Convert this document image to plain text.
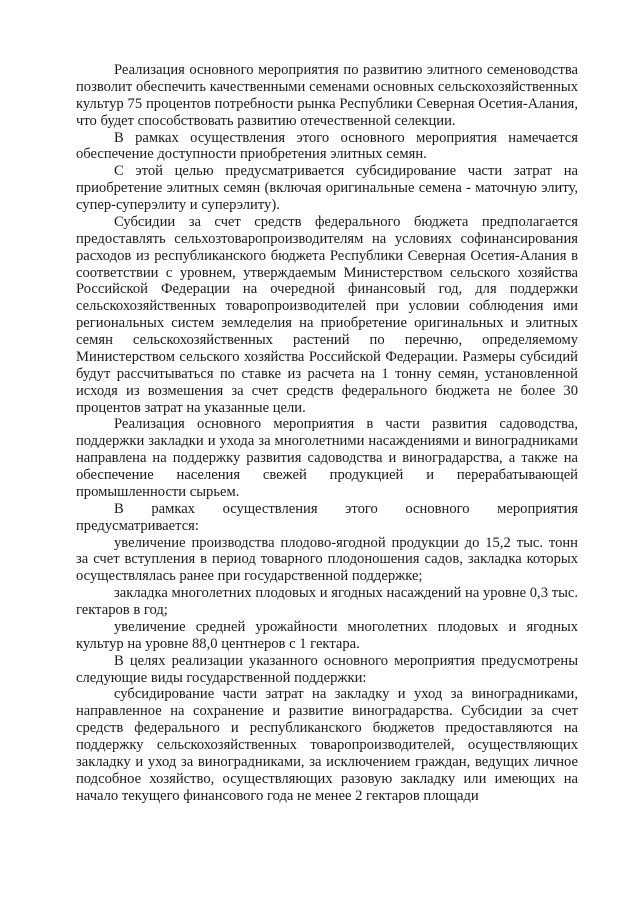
Реализация основного мероприятия по развитию элитного семеноводства позволит обеспечить качественными семенами основных сельскохозяйственных культур 75 процентов потребности рынка Республики Северная Осетия-Алания, что будет способствовать развитию отечественной селекции.

В рамках осуществления этого основного мероприятия намечается обеспечение доступности приобретения элитных семян.

С этой целью предусматривается субсидирование части затрат на приобретение элитных семян (включая оригинальные семена - маточную элиту, супер-суперэлиту и суперэлиту).

Субсидии за счет средств федерального бюджета предполагается предоставлять сельхозтоваропроизводителям на условиях софинансирования расходов из республиканского бюджета Республики Северная Осетия-Алания в соответствии с уровнем, утверждаемым Министерством сельского хозяйства Российской Федерации на очередной финансовый год, для поддержки сельскохозяйственных товаропроизводителей при условии соблюдения ими региональных систем земледелия на приобретение оригинальных и элитных семян сельскохозяйственных растений по перечню, определяемому Министерством сельского хозяйства Российской Федерации. Размеры субсидий будут рассчитываться по ставке из расчета на 1 тонну семян, установленной исходя из возмешения за счет средств федерального бюджета не более 30 процентов затрат на указанные цели.

Реализация основного мероприятия в части развития садоводства, поддержки закладки и ухода за многолетними насаждениями и виноградниками направлена на поддержку развития садоводства и виноградарства, а также на обеспечение населения свежей продукцией и перерабатывающей промышленности сырьем.

В рамках осуществления этого основного мероприятия предусматривается:

увеличение производства плодово-ягодной продукции до 15,2 тыс. тонн за счет вступления в период товарного плодоношения садов, закладка которых осуществлялась ранее при государственной поддержке;

закладка многолетних плодовых и ягодных насаждений на уровне 0,3 тыс. гектаров в год;

увеличение средней урожайности многолетних плодовых и ягодных культур на уровне 88,0 центнеров с 1 гектара.

В целях реализации указанного основного мероприятия предусмотрены следующие виды государственной поддержки:

субсидирование части затрат на закладку и уход за виноградниками, направленное на сохранение и развитие виноградарства. Субсидии за счет средств федерального и республиканского бюджетов предоставляются на поддержку сельскохозяйственных товаропроизводителей, осуществляющих закладку и уход за виноградниками, за исключением граждан, ведущих личное подсобное хозяйство, осуществляющих разовую закладку или имеющих на начало текущего финансового года не менее 2 гектаров площади
